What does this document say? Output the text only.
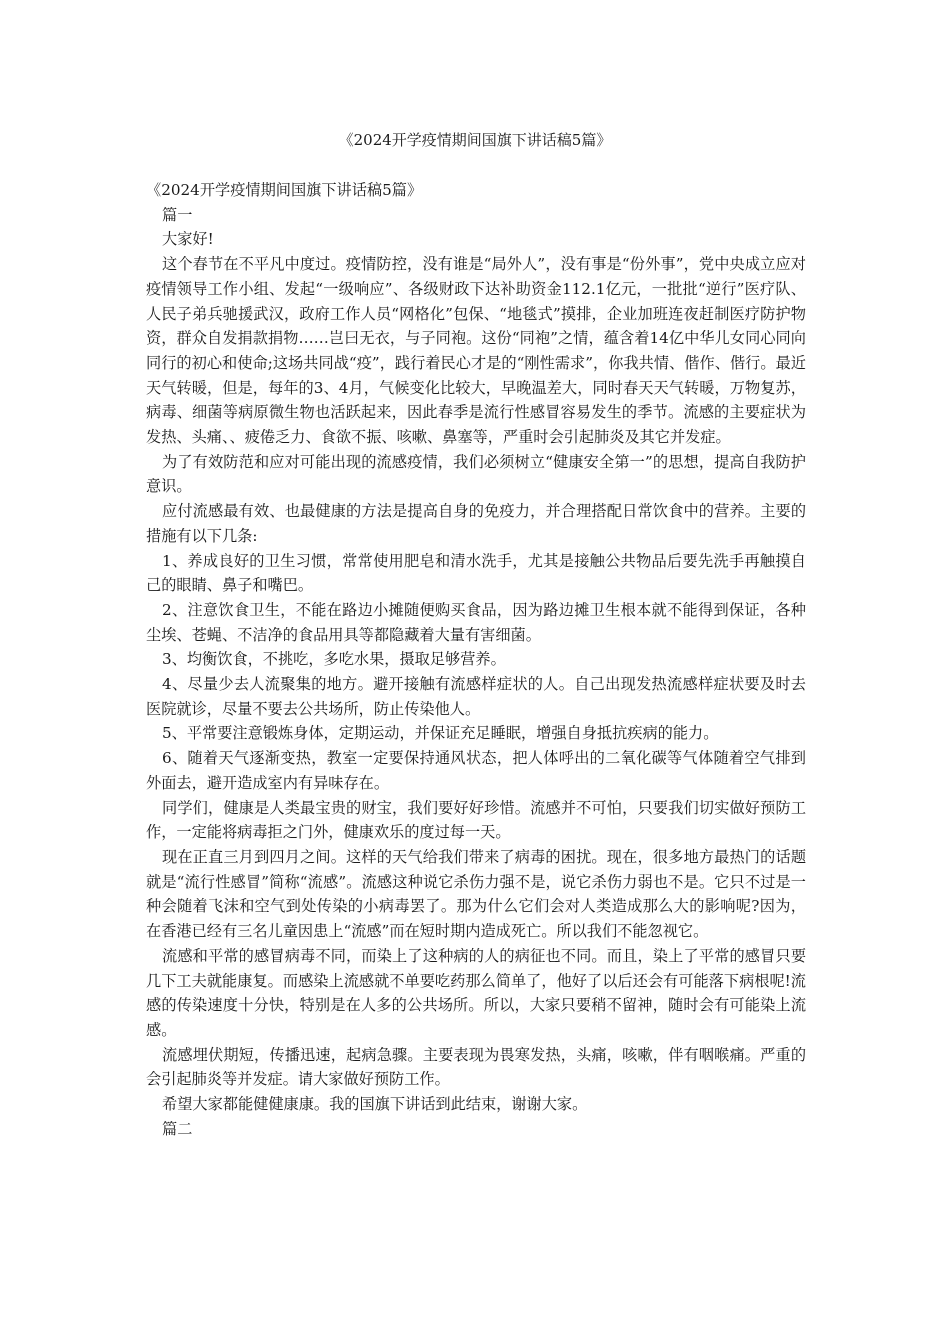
《2024开学疫情期间国旗下讲话稿5篇》

《2024开学疫情期间国旗下讲话稿5篇》

篇一

大家好!

这个春节在不平凡中度过。疫情防控，没有谁是“局外人”，没有事是“份外事”，党中央成立应对疫情领导工作小组、发起“一级响应”、各级财政下达补助资金112.1亿元，一批批“逆行”医疗队、人民子弟兵驰援武汉，政府工作人员“网格化”包保、“地毯式”摸排，企业加班连夜赶制医疗防护物资，群众自发捐款捐物……岂曰无衣，与子同袍。这份“同袍”之情，蕴含着14亿中华儿女同心同向同行的初心和使命;这场共同战“疫”，践行着民心才是的“刚性需求”，你我共情、偕作、偕行。最近天气转暖，但是，每年的3、4月，气候变化比较大，早晚温差大，同时春天天气转暖，万物复苏，病毒、细菌等病原微生物也活跃起来，因此春季是流行性感冒容易发生的季节。流感的主要症状为发热、头痛、、疲倦乏力、食欲不振、咳嗽、鼻塞等，严重时会引起肺炎及其它并发症。

为了有效防范和应对可能出现的流感疫情，我们必须树立“健康安全第一”的思想，提高自我防护意识。

应付流感最有效、也最健康的方法是提高自身的免疫力，并合理搭配日常饮食中的营养。主要的措施有以下几条:

1、养成良好的卫生习惯，常常使用肥皂和清水洗手，尤其是接触公共物品后要先洗手再触摸自己的眼睛、鼻子和嘴巴。

2、注意饮食卫生，不能在路边小摊随便购买食品，因为路边摊卫生根本就不能得到保证，各种尘埃、苍蝇、不洁净的食品用具等都隐藏着大量有害细菌。

3、均衡饮食，不挑吃，多吃水果，摄取足够营养。

4、尽量少去人流聚集的地方。避开接触有流感样症状的人。自己出现发热流感样症状要及时去医院就诊，尽量不要去公共场所，防止传染他人。

5、平常要注意锻炼身体，定期运动，并保证充足睡眠，增强自身抵抗疾病的能力。

6、随着天气逐渐变热，教室一定要保持通风状态，把人体呼出的二氧化碳等气体随着空气排到外面去，避开造成室内有异味存在。

同学们，健康是人类最宝贵的财宝，我们要好好珍惜。流感并不可怕，只要我们切实做好预防工作，一定能将病毒拒之门外，健康欢乐的度过每一天。

现在正直三月到四月之间。这样的天气给我们带来了病毒的困扰。现在，很多地方最热门的话题就是“流行性感冒”简称“流感”。流感这种说它杀伤力强不是，说它杀伤力弱也不是。它只不过是一种会随着飞沫和空气到处传染的小病毒罢了。那为什么它们会对人类造成那么大的影响呢?因为，在香港已经有三名儿童因患上“流感”而在短时期内造成死亡。所以我们不能忽视它。

流感和平常的感冒病毒不同，而染上了这种病的人的病征也不同。而且，染上了平常的感冒只要几下工夫就能康复。而感染上流感就不单要吃药那么简单了，他好了以后还会有可能落下病根呢!流感的传染速度十分快，特别是在人多的公共场所。所以，大家只要稍不留神，随时会有可能染上流感。

流感埋伏期短，传播迅速，起病急骤。主要表现为畏寒发热，头痛，咳嗽，伴有咽喉痛。严重的会引起肺炎等并发症。请大家做好预防工作。

希望大家都能健健康康。我的国旗下讲话到此结束，谢谢大家。

篇二
